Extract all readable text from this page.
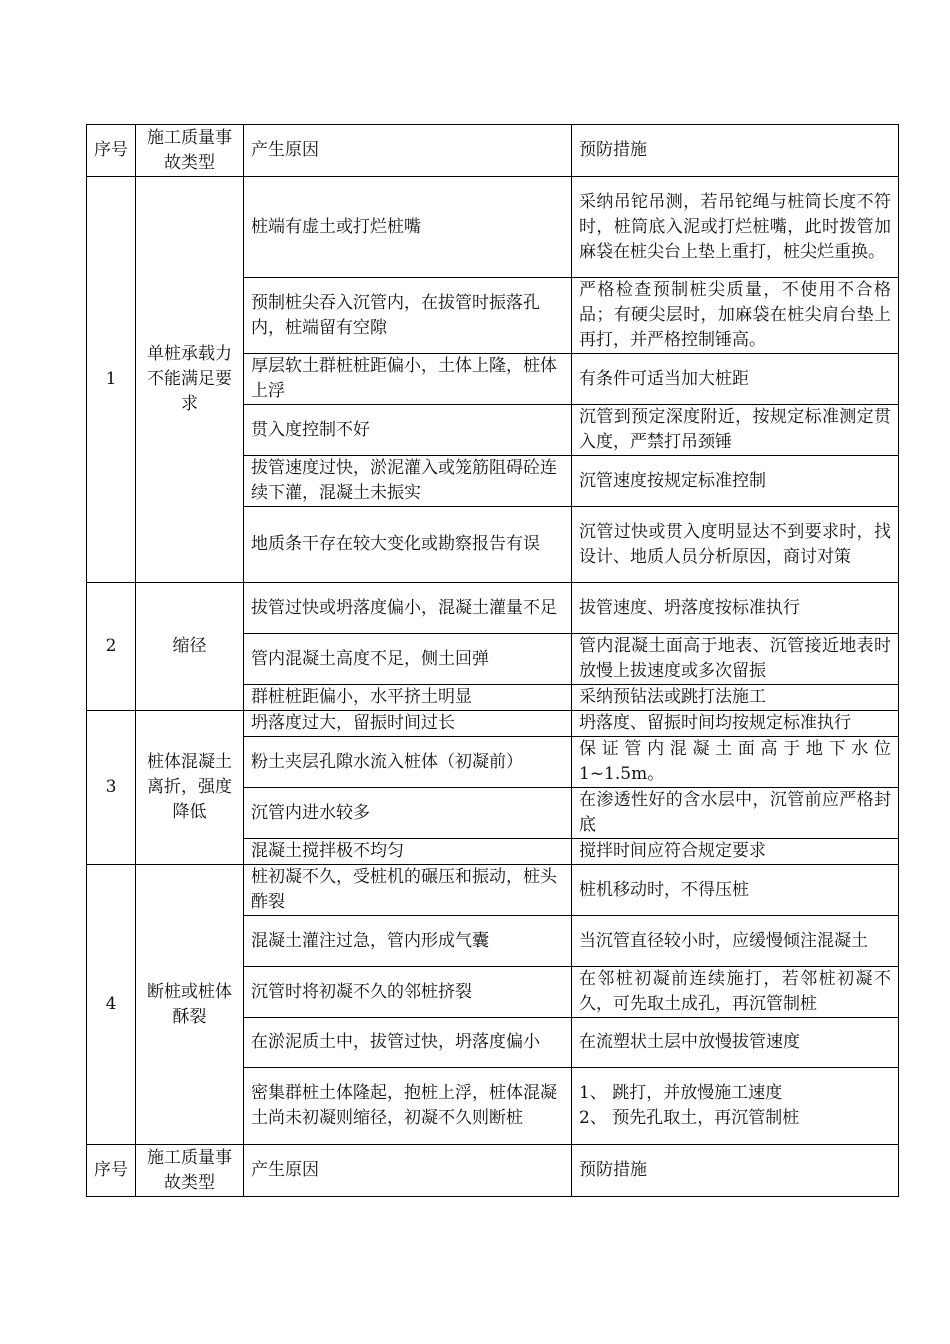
序号	施工质量事故类型	产生原因	预防措施
1	单桩承载力不能满足要求	桩端有虚土或打烂桩嘴	采纳吊铊吊测，若吊铊绳与桩筒长度不符时，桩筒底入泥或打烂桩嘴，此时拨管加麻袋在桩尖台上垫上重打，桩尖烂重换。
		预制桩尖吞入沉管内，在拔管时振落孔内，桩端留有空隙	严格检查预制桩尖质量，不使用不合格品；有硬尖层时，加麻袋在桩尖肩台垫上再打，并严格控制锤高。
		厚层软土群桩桩距偏小，土体上隆，桩体上浮	有条件可适当加大桩距
		贯入度控制不好	沉管到预定深度附近，按规定标准测定贯入度，严禁打吊颈锤
		拔管速度过快，淤泥灌入或笼筋阻碍砼连续下灌，混凝土未振实	沉管速度按规定标准控制
		地质条干存在较大变化或勘察报告有误	沉管过快或贯入度明显达不到要求时，找设计、地质人员分析原因，商讨对策
2	缩径	拔管过快或坍落度偏小，混凝土灌量不足	拔管速度、坍落度按标准执行
		管内混凝土高度不足，侧土回弹	管内混凝土面高于地表、沉管接近地表时放慢上拔速度或多次留振
		群桩桩距偏小，水平挤土明显	采纳预钻法或跳打法施工
3	桩体混凝土离折，强度降低	坍落度过大，留振时间过长	坍落度、留振时间均按规定标准执行
		粉土夹层孔隙水流入桩体（初凝前）	保证管内混凝土面高于地下水位1~1.5m。
		沉管内进水较多	在渗透性好的含水层中，沉管前应严格封底
		混凝土搅拌极不均匀	搅拌时间应符合规定要求
4	断桩或桩体酥裂	桩初凝不久，受桩机的碾压和振动，桩头酢裂	桩机移动时，不得压桩
		混凝土灌注过急，管内形成气囊	当沉管直径较小时，应缓慢倾注混凝土
		沉管时将初凝不久的邻桩挤裂	在邻桩初凝前连续施打，若邻桩初凝不久，可先取土成孔，再沉管制桩
		在淤泥质土中，拔管过快，坍落度偏小	在流塑状土层中放慢拔管速度
		密集群桩土体隆起，抱桩上浮，桩体混凝土尚未初凝则缩径，初凝不久则断桩	1、 跳打，并放慢施工速度
2、 预先孔取土，再沉管制桩
序号	施工质量事故类型	产生原因	预防措施
